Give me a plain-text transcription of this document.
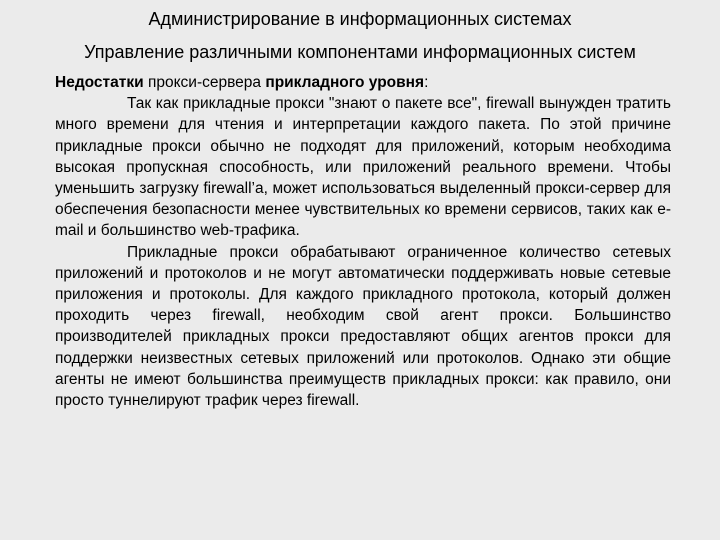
Администрирование в информационных системах
Управление различными компонентами информационных систем

Недостатки прокси-сервера прикладного уровня:

Так как прикладные прокси "знают о пакете все", firewall вынужден тратить много времени для чтения и интерпретации каждого пакета. По этой причине прикладные прокси обычно не подходят для приложений, которым необходима высокая пропускная способность, или приложений реального времени. Чтобы уменьшить загрузку firewall’а, может использоваться выделенный прокси-сервер для обеспечения безопасности менее чувствительных ко времени сервисов, таких как e-mail и большинство web-трафика.

Прикладные прокси обрабатывают ограниченное количество сетевых приложений и протоколов и не могут автоматически поддерживать новые сетевые приложения и протоколы. Для каждого прикладного протокола, который должен проходить через firewall, необходим свой агент прокси. Большинство производителей прикладных прокси предоставляют общих агентов прокси для поддержки неизвестных сетевых приложений или протоколов. Однако эти общие агенты не имеют большинства преимуществ прикладных прокси: как правило, они просто туннелируют трафик через firewall.
